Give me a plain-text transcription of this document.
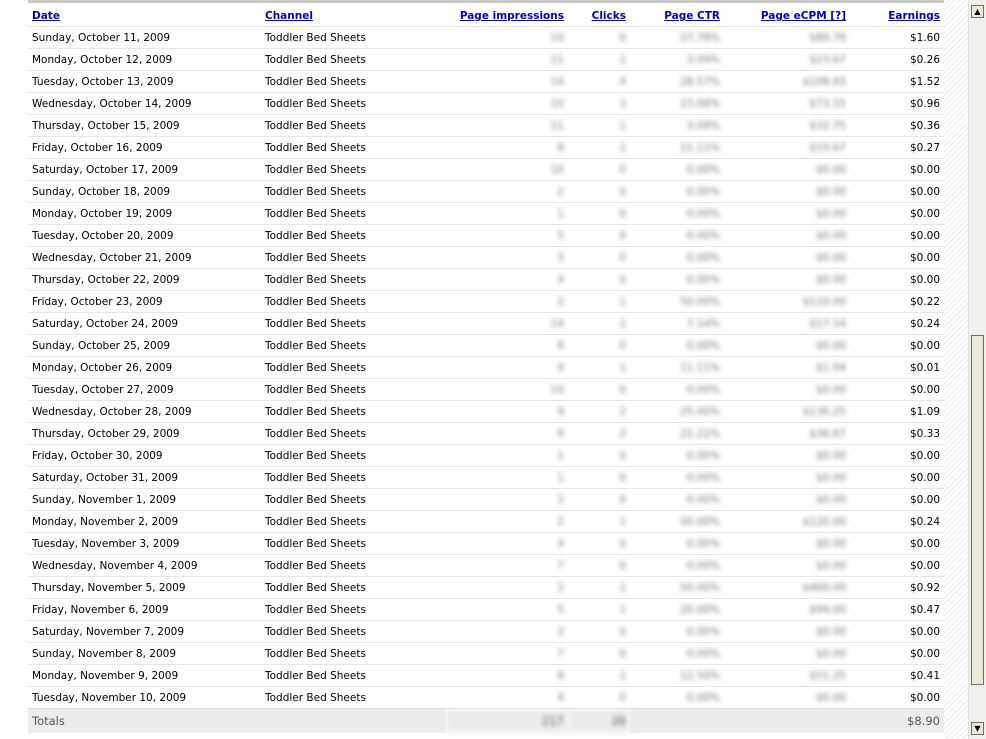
Date	Channel	Page impressions	Clicks	Page CTR	Page eCPM [?]	Earnings
Sunday, October 11, 2009	Toddler Bed Sheets	10	0	27.78%	$88.78	$1.60
Monday, October 12, 2009	Toddler Bed Sheets	11	1	3.09%	$23.67	$0.26
Tuesday, October 13, 2009	Toddler Bed Sheets	14	4	28.57%	$108.93	$1.52
Wednesday, October 14, 2009	Toddler Bed Sheets	10	3	23.08%	$73.15	$0.96
Thursday, October 15, 2009	Toddler Bed Sheets	11	1	3.09%	$32.75	$0.36
Friday, October 16, 2009	Toddler Bed Sheets	8	1	11.11%	$33.67	$0.27
Saturday, October 17, 2009	Toddler Bed Sheets	10	0	0.00%	$0.00	$0.00
Sunday, October 18, 2009	Toddler Bed Sheets	2	0	0.00%	$0.00	$0.00
Monday, October 19, 2009	Toddler Bed Sheets	1	0	0.00%	$0.00	$0.00
Tuesday, October 20, 2009	Toddler Bed Sheets	5	0	0.00%	$0.00	$0.00
Wednesday, October 21, 2009	Toddler Bed Sheets	3	0	0.00%	$0.00	$0.00
Thursday, October 22, 2009	Toddler Bed Sheets	4	0	0.00%	$0.00	$0.00
Friday, October 23, 2009	Toddler Bed Sheets	2	1	50.00%	$110.00	$0.22
Saturday, October 24, 2009	Toddler Bed Sheets	14	1	7.14%	$17.14	$0.24
Sunday, October 25, 2009	Toddler Bed Sheets	8	0	0.00%	$0.00	$0.00
Monday, October 26, 2009	Toddler Bed Sheets	9	1	11.11%	$1.04	$0.01
Tuesday, October 27, 2009	Toddler Bed Sheets	10	0	0.00%	$0.00	$0.00
Wednesday, October 28, 2009	Toddler Bed Sheets	9	2	25.00%	$136.25	$1.09
Thursday, October 29, 2009	Toddler Bed Sheets	9	2	22.22%	$36.67	$0.33
Friday, October 30, 2009	Toddler Bed Sheets	1	0	0.00%	$0.00	$0.00
Saturday, October 31, 2009	Toddler Bed Sheets	1	0	0.00%	$0.00	$0.00
Sunday, November 1, 2009	Toddler Bed Sheets	2	0	0.00%	$0.00	$0.00
Monday, November 2, 2009	Toddler Bed Sheets	2	1	50.00%	$120.00	$0.24
Tuesday, November 3, 2009	Toddler Bed Sheets	4	0	0.00%	$0.00	$0.00
Wednesday, November 4, 2009	Toddler Bed Sheets	7	0	0.00%	$0.00	$0.00
Thursday, November 5, 2009	Toddler Bed Sheets	2	1	50.00%	$460.00	$0.92
Friday, November 6, 2009	Toddler Bed Sheets	5	1	20.00%	$94.00	$0.47
Saturday, November 7, 2009	Toddler Bed Sheets	3	0	0.00%	$0.00	$0.00
Sunday, November 8, 2009	Toddler Bed Sheets	7	0	0.00%	$0.00	$0.00
Monday, November 9, 2009	Toddler Bed Sheets	8	1	12.50%	$51.25	$0.41
Tuesday, November 10, 2009	Toddler Bed Sheets	4	0	0.00%	$0.00	$0.00
Totals		217	26			$8.90
▲
▼
